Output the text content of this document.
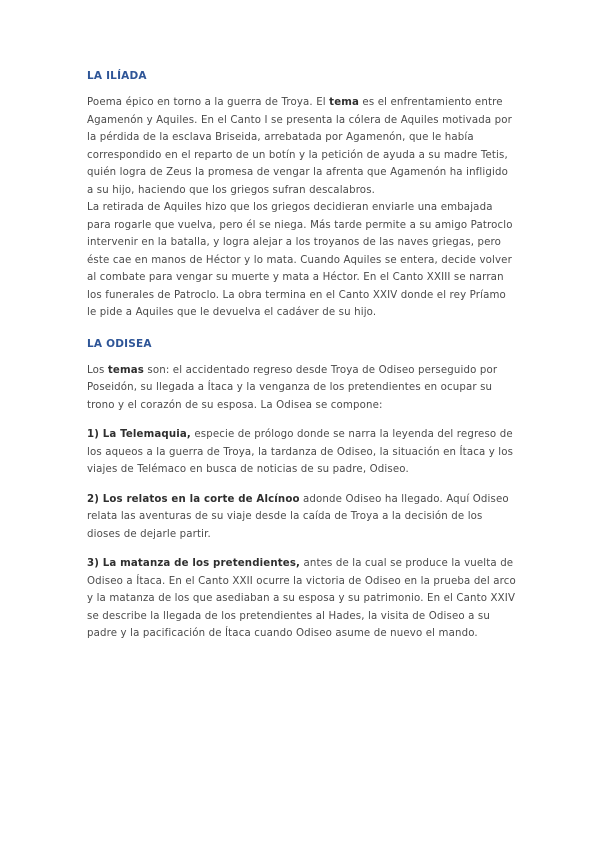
LA ILÍADA

Poema épico en torno a la guerra de Troya. El tema es el enfrentamiento entre Agamenón y Aquiles. En el Canto I se presenta la cólera de Aquiles motivada por la pérdida de la esclava Briseida, arrebatada por Agamenón, que le había correspondido en el reparto de un botín y la petición de ayuda a su madre Tetis, quién logra de Zeus la promesa de vengar la afrenta que Agamenón ha infligido a su hijo, haciendo que los griegos sufran descalabros.

La retirada de Aquiles hizo que los griegos decidieran enviarle una embajada para rogarle que vuelva, pero él se niega. Más tarde permite a su amigo Patroclo intervenir en la batalla, y logra alejar a los troyanos de las naves griegas, pero éste cae en manos de Héctor y lo mata. Cuando Aquiles se entera, decide volver al combate para vengar su muerte y mata a Héctor. En el Canto XXIII se narran los funerales de Patroclo. La obra termina en el Canto XXIV donde el rey Príamo le pide a Aquiles que le devuelva el cadáver de su hijo.

LA ODISEA

Los temas son: el accidentado regreso desde Troya de Odiseo perseguido por Poseidón, su llegada a Ítaca y la venganza de los pretendientes en ocupar su trono y el corazón de su esposa. La Odisea se compone:

1) La Telemaquia, especie de prólogo donde se narra la leyenda del regreso de los aqueos a la guerra de Troya, la tardanza de Odiseo, la situación en Ítaca y los viajes de Telémaco en busca de noticias de su padre, Odiseo.

2) Los relatos en la corte de Alcínoo adonde Odiseo ha llegado. Aquí Odiseo relata las aventuras de su viaje desde la caída de Troya a la decisión de los dioses de dejarle partir.

3) La matanza de los pretendientes, antes de la cual se produce la vuelta de Odiseo a Ítaca. En el Canto XXII ocurre la victoria de Odiseo en la prueba del arco y la matanza de los que asediaban a su esposa y su patrimonio. En el Canto XXIV se describe la llegada de los pretendientes al Hades, la visita de Odiseo a su padre y la pacificación de Ítaca cuando Odiseo asume de nuevo el mando.
